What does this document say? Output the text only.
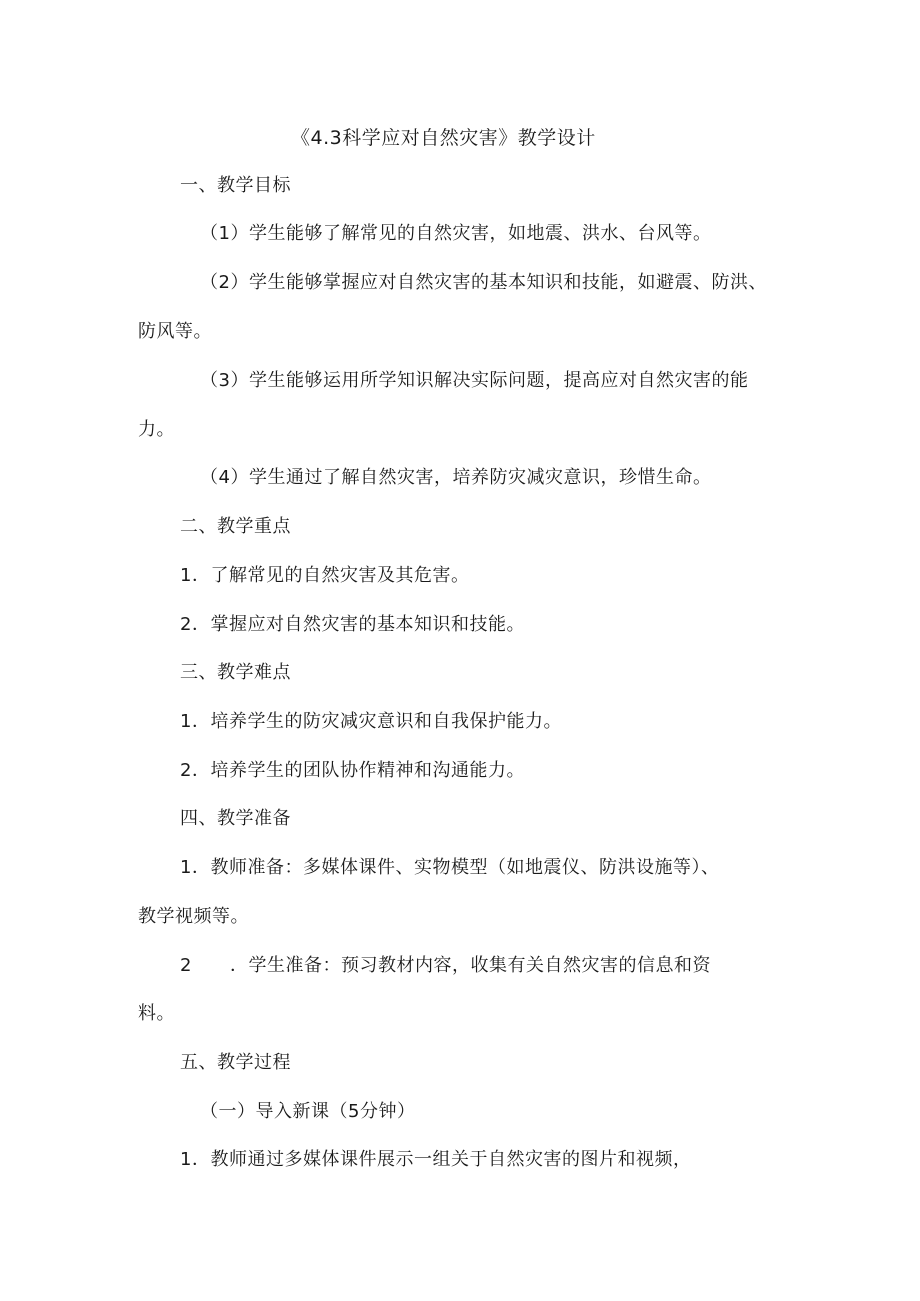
《4.3科学应对自然灾害》教学设计
一、教学目标
（1）学生能够了解常见的自然灾害，如地震、洪水、台风等。
（2）学生能够掌握应对自然灾害的基本知识和技能，如避震、防洪、
防风等。
（3）学生能够运用所学知识解决实际问题，提高应对自然灾害的能
力。
（4）学生通过了解自然灾害，培养防灾减灾意识，珍惜生命。
二、教学重点
1．了解常见的自然灾害及其危害。
2．掌握应对自然灾害的基本知识和技能。
三、教学难点
1．培养学生的防灾减灾意识和自我保护能力。
2．培养学生的团队协作精神和沟通能力。
四、教学准备
1．教师准备：多媒体课件、实物模型（如地震仪、防洪设施等）、
教学视频等。
2 ．学生准备：预习教材内容，收集有关自然灾害的信息和资
料。
五、教学过程
（一）导入新课（5分钟）
1．教师通过多媒体课件展示一组关于自然灾害的图片和视频，
